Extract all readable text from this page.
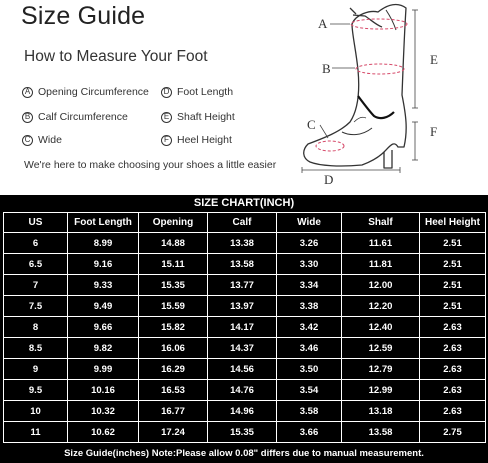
Size Guide
How to Measure Your Foot
A Opening Circumference	D Foot Length
B Calf Circumference	E Shaft Height
C Wide	F Heel Height
We're here to make choosing your shoes a little easier
A
B
C
D
E
F
SIZE CHART(INCH)
US	Foot Length	Opening	Calf	Wide	Shalf	Heel Height
6	8.99	14.88	13.38	3.26	11.61	2.51
6.5	9.16	15.11	13.58	3.30	11.81	2.51
7	9.33	15.35	13.77	3.34	12.00	2.51
7.5	9.49	15.59	13.97	3.38	12.20	2.51
8	9.66	15.82	14.17	3.42	12.40	2.63
8.5	9.82	16.06	14.37	3.46	12.59	2.63
9	9.99	16.29	14.56	3.50	12.79	2.63
9.5	10.16	16.53	14.76	3.54	12.99	2.63
10	10.32	16.77	14.96	3.58	13.18	2.63
11	10.62	17.24	15.35	3.66	13.58	2.75
Size Guide(inches) Note:Please allow 0.08" differs due to manual measurement.
